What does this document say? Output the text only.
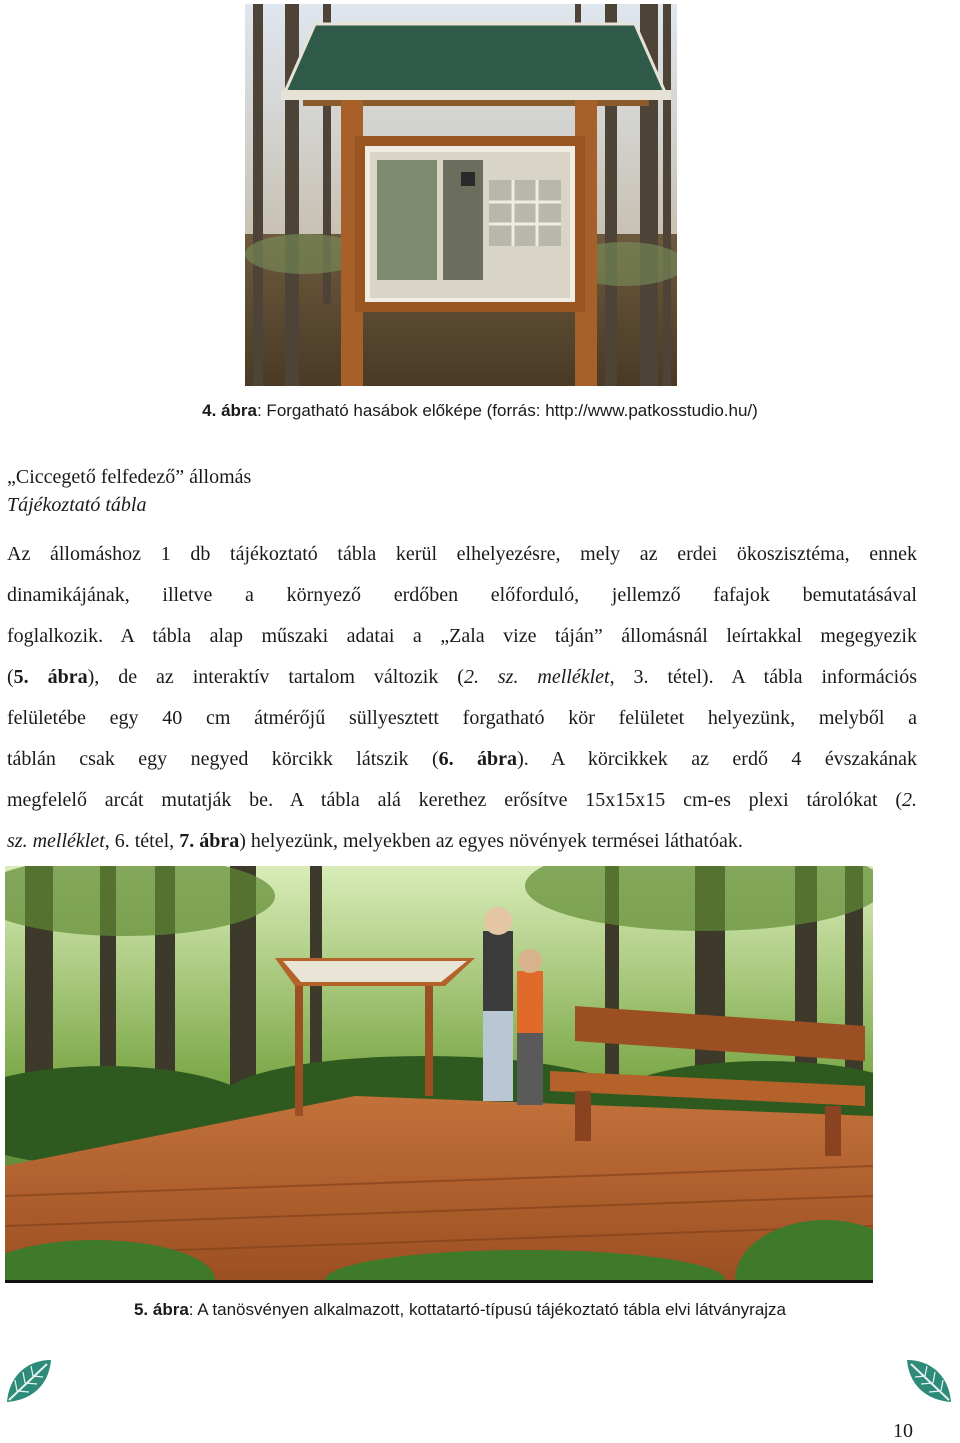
4. ábra: Forgatható hasábok előképe (forrás: http://www.patkosstudio.hu/)
„Ciccegető felfedező” állomás
Tájékoztató tábla
Az állomáshoz 1 db tájékoztató tábla kerül elhelyezésre, mely az erdei ökoszisztéma, ennek
dinamikájának, illetve a környező erdőben előforduló, jellemző fafajok bemutatásával
foglalkozik. A tábla alap műszaki adatai a „Zala vize táján” állomásnál leírtakkal megegyezik
(5. ábra), de az interaktív tartalom változik (2. sz. melléklet, 3. tétel). A tábla információs
felületébe egy 40 cm átmérőjű süllyesztett forgatható kör felületet helyezünk, melyből a
táblán csak egy negyed körcikk látszik (6. ábra). A körcikkek az erdő 4 évszakának
megfelelő arcát mutatják be. A tábla alá kerethez erősítve 15x15x15 cm-es plexi tárolókat (2.
sz. melléklet, 6. tétel, 7. ábra) helyezünk, melyekben az egyes növények termései láthatóak.
5. ábra: A tanösvényen alkalmazott, kottatartó-típusú tájékoztató tábla elvi látványrajza
10
